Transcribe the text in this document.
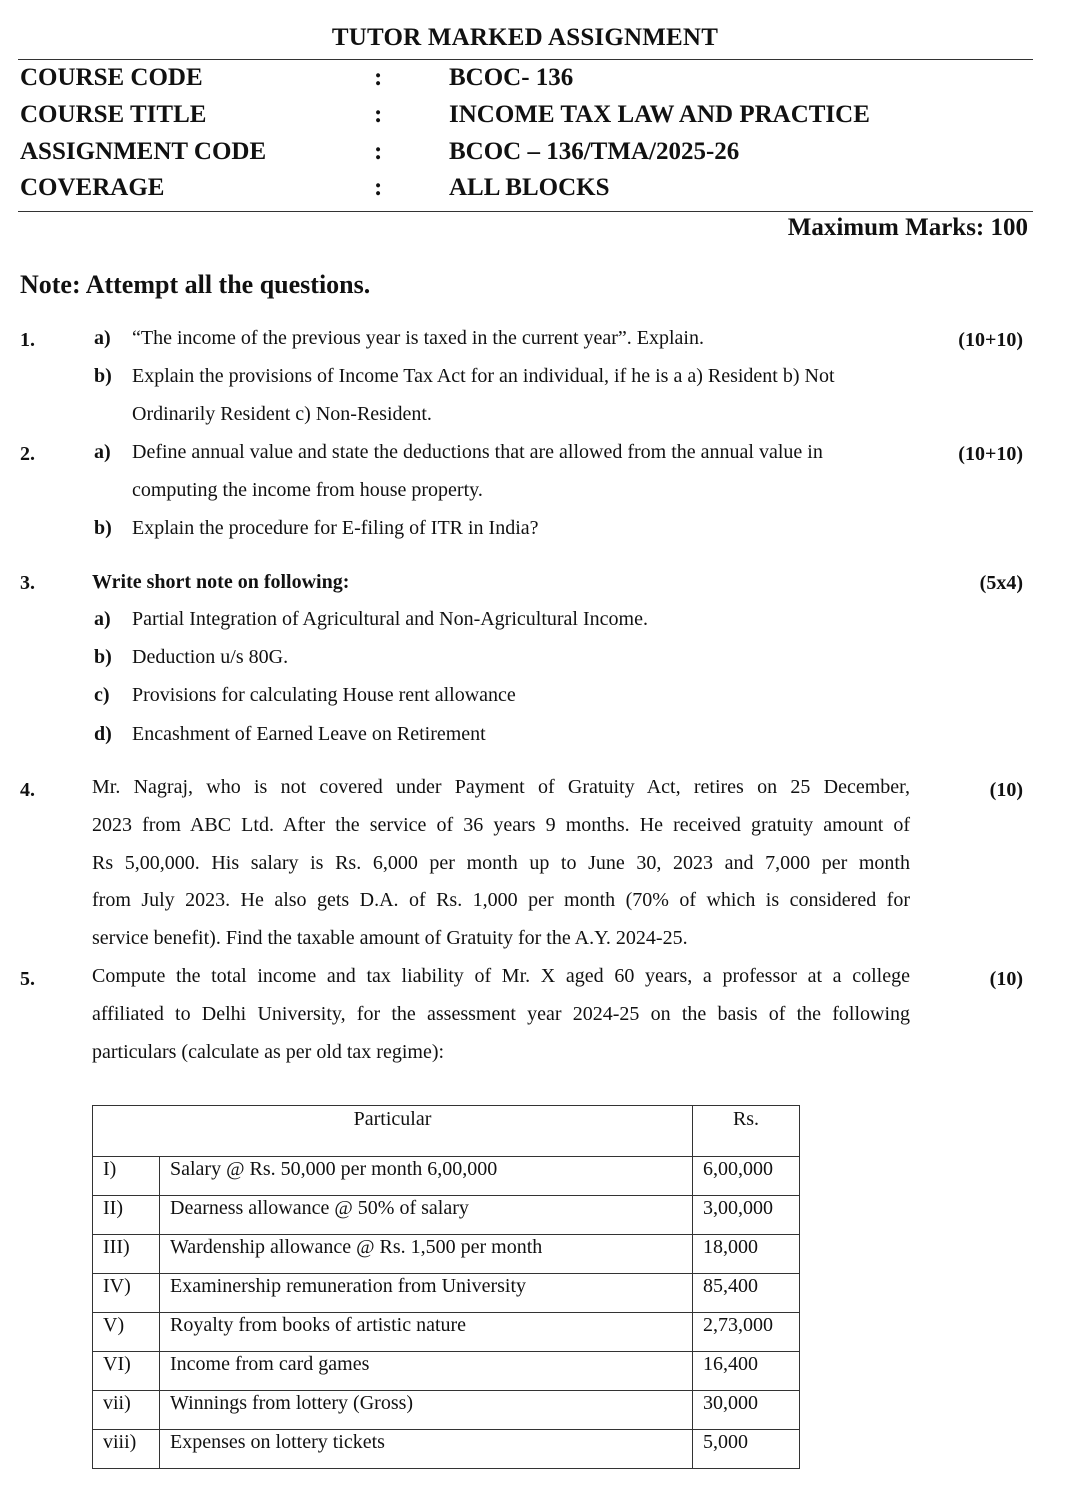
TUTOR MARKED ASSIGNMENT
COURSE CODE	:	BCOC- 136
COURSE TITLE	:	INCOME TAX LAW AND PRACTICE
ASSIGNMENT CODE	:	BCOC – 136/TMA/2025-26
COVERAGE	:	ALL BLOCKS
Maximum Marks: 100
Note: Attempt all the questions.
1.	(10+10)
a) “The income of the previous year is taxed in the current year”. Explain.
b) Explain the provisions of Income Tax Act for an individual, if he is a a) Resident b) Not
Ordinarily Resident c) Non-Resident.
2.	(10+10)
a) Define annual value and state the deductions that are allowed from the annual value in
computing the income from house property.
b) Explain the procedure for E-filing of ITR in India?
3.	(5x4)
Write short note on following:
a) Partial Integration of Agricultural and Non-Agricultural Income.
b) Deduction u/s 80G.
c) Provisions for calculating House rent allowance
d) Encashment of Earned Leave on Retirement
4.	(10)
Mr. Nagraj, who is not covered under Payment of Gratuity Act, retires on 25 December,
2023 from ABC Ltd. After the service of 36 years 9 months. He received gratuity amount of
Rs 5,00,000. His salary is Rs. 6,000 per month up to June 30, 2023 and 7,000 per month
from July 2023. He also gets D.A. of Rs. 1,000 per month (70% of which is considered for
service benefit). Find the taxable amount of Gratuity for the A.Y. 2024-25.
5.	(10)
Compute the total income and tax liability of Mr. X aged 60 years, a professor at a college
affiliated to Delhi University, for the assessment year 2024-25 on the basis of the following
particulars (calculate as per old tax regime):
Particular		Rs.
I)	Salary @ Rs. 50,000 per month 6,00,000	6,00,000
II)	Dearness allowance @ 50% of salary	3,00,000
III)	Wardenship allowance @ Rs. 1,500 per month	18,000
IV)	Examinership remuneration from University	85,400
V)	Royalty from books of artistic nature	2,73,000
VI)	Income from card games	16,400
vii)	Winnings from lottery (Gross)	30,000
viii)	Expenses on lottery tickets	5,000
